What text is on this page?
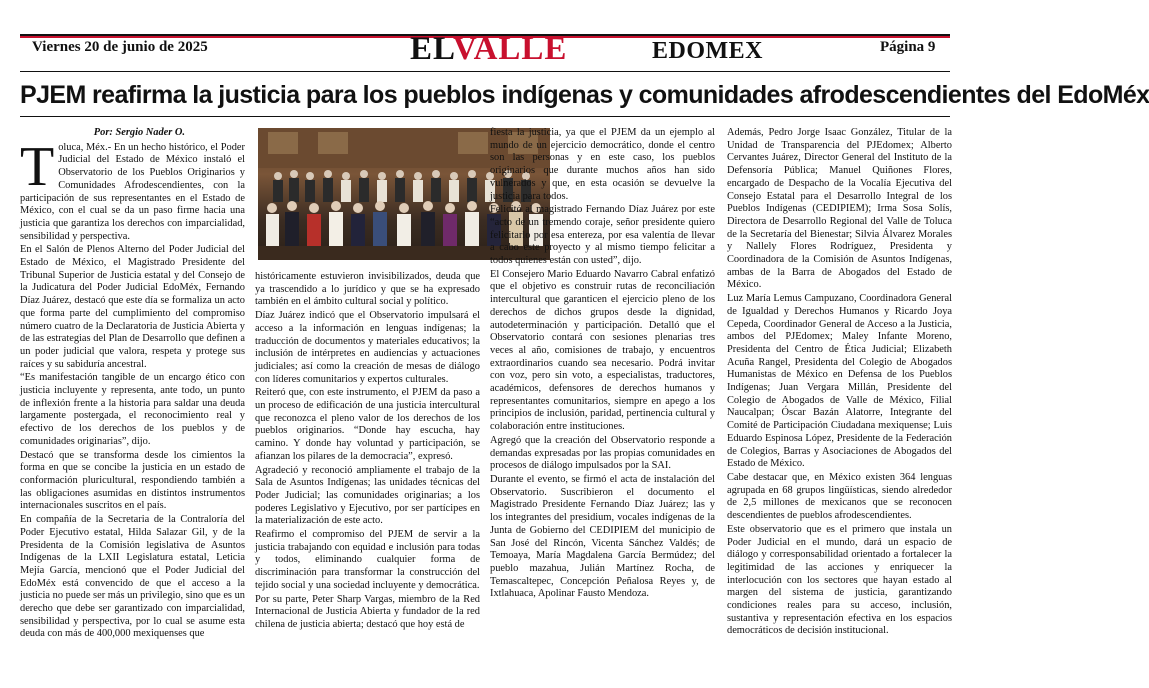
Viernes 20 de junio de 2025	ELVALLE	EDOMEX	Página 9
PJEM reafirma la justicia para los pueblos indígenas y comunidades afrodescendientes del EdoMéx
Por: Sergio Nader O.

Toluca, Méx.- En un hecho histórico, el Poder Judicial del Estado de México instaló el Observatorio de los Pueblos Originarios y Comunidades Afrodescendientes, con la participación de sus representantes en el Estado de México, con el cual se da un paso firme hacia una justicia que garantiza los derechos con imparcialidad, sensibilidad y perspectiva.

En el Salón de Plenos Alterno del Poder Judicial del Estado de México, el Magistrado Presidente del Tribunal Superior de Justicia estatal y del Consejo de la Judicatura del Poder Judicial EdoMéx, Fernando Díaz Juárez, destacó que este día se formaliza un acto que forma parte del cumplimiento del compromiso número cuatro de la Declaratoria de Justicia Abierta y de las estrategias del Plan de Desarrollo que definen a un poder judicial que valora, respeta y protege sus raíces y su sabiduría ancestral.

“Es manifestación tangible de un encargo ético con justicia incluyente y representa, ante todo, un punto de inflexión frente a la historia para saldar una deuda largamente postergada, el reconocimiento real y efectivo de los derechos de los pueblos y de comunidades originarias”, dijo.

Destacó que se transforma desde los cimientos la forma en que se concibe la justicia en un estado de conformación pluricultural, respondiendo también a las obligaciones asumidas en distintos instrumentos internacionales suscritos en el país.

En compañía de la Secretaria de la Contraloría del Poder Ejecutivo estatal, Hilda Salazar Gil, y de la Presidenta de la Comisión legislativa de Asuntos Indígenas de la LXII Legislatura estatal, Leticia Mejía García, mencionó que el Poder Judicial del EdoMéx está convencido de que el acceso a la justicia no puede ser más un privilegio, sino que es un derecho que debe ser garantizado con imparcialidad, sensibilidad y perspectiva, por lo cual se asume esta deuda con más de 400,000 mexiquenses que

históricamente estuvieron invisibilizados, deuda que ya trascendido a lo jurídico y que se ha expresado también en el ámbito cultural social y político.

Díaz Juárez indicó que el Observatorio impulsará el acceso a la información en lenguas indígenas; la traducción de documentos y materiales educativos; la inclusión de intérpretes en audiencias y actuaciones judiciales; así como la creación de mesas de diálogo con líderes comunitarios y expertos culturales.

Reiteró que, con este instrumento, el PJEM da paso a un proceso de edificación de una justicia intercultural que reconozca el pleno valor de los derechos de los pueblos originarios. “Donde hay escucha, hay camino. Y donde hay voluntad y participación, se afianzan los pilares de la democracia”, expresó.

Agradeció y reconoció ampliamente el trabajo de la Sala de Asuntos Indígenas; las unidades técnicas del Poder Judicial; las comunidades originarias; a los poderes Legislativo y Ejecutivo, por ser partícipes en la materialización de este acto.

Reafirmo el compromiso del PJEM de servir a la justicia trabajando con equidad e inclusión para todas y todos, eliminando cualquier forma de discriminación para transformar la construcción del tejido social y una sociedad incluyente y democrática.

Por su parte, Peter Sharp Vargas, miembro de la Red Internacional de Justicia Abierta y fundador de la red chilena de justicia abierta; destacó que hoy está de

fiesta la justicia, ya que el PJEM da un ejemplo al mundo de un ejercicio democrático, donde el centro son las personas y en este caso, los pueblos originarios que durante muchos años han sido vulnerados y que, en esta ocasión se devuelve la justicia para todos.

Felicitó al magistrado Fernando Díaz Juárez por este “acto de un tremendo coraje, señor presidente quiero felicitarlo por esa entereza, por esa valentía de llevar a cabo este proyecto y al mismo tiempo felicitar a todos quienes están con usted”, dijo.

El Consejero Mario Eduardo Navarro Cabral enfatizó que el objetivo es construir rutas de reconciliación intercultural que garanticen el ejercicio pleno de los derechos de dichos grupos desde la dignidad, autodeterminación y participación. Detalló que el Observatorio contará con sesiones plenarias tres veces al año, comisiones de trabajo, y encuentros extraordinarios cuando sea necesario. Podrá invitar con voz, pero sin voto, a especialistas, traductores, académicos, defensores de derechos humanos y representantes comunitarios, siempre en apego a los principios de inclusión, paridad, pertinencia cultural y colaboración entre instituciones.

Agregó que la creación del Observatorio responde a demandas expresadas por las propias comunidades en procesos de diálogo impulsados por la SAI.

Durante el evento, se firmó el acta de instalación del Observatorio. Suscribieron el documento el Magistrado Presidente Fernando Díaz Juárez; las y los integrantes del presidium, vocales indígenas de la Junta de Gobierno del CEDIPIEM del municipio de San José del Rincón, Vicenta Sánchez Valdés; de Temoaya, María Magdalena García Bermúdez; del pueblo mazahua, Julián Martínez Rocha, de Temascaltepec, Concepción Peñalosa Reyes y, de Ixtlahuaca, Apolinar Fausto Mendoza.

Además, Pedro Jorge Isaac González, Titular de la Unidad de Transparencia del PJEdomex; Alberto Cervantes Juárez, Director General del Instituto de la Defensoría Pública; Manuel Quiñones Flores, encargado de Despacho de la Vocalía Ejecutiva del Consejo Estatal para el Desarrollo Integral de los Pueblos Indígenas (CEDIPIEM); Irma Sosa Solís, Directora de Desarrollo Regional del Valle de Toluca de la Secretaría del Bienestar; Silvia Álvarez Morales y Nallely Flores Rodríguez, Presidenta y Coordinadora de la Comisión de Asuntos Indígenas, ambas de la Barra de Abogados del Estado de México.

Luz María Lemus Campuzano, Coordinadora General de Igualdad y Derechos Humanos y Ricardo Joya Cepeda, Coordinador General de Acceso a la Justicia, ambos del PJEdomex; Maley Infante Moreno, Presidenta del Centro de Ética Judicial; Elizabeth Acuña Rangel, Presidenta del Colegio de Abogados Humanistas de México en Defensa de los Pueblos Indígenas; Juan Vergara Millán, Presidente del Colegio de Abogados de Valle de México, Filial Naucalpan; Óscar Bazán Alatorre, Integrante del Comité de Participación Ciudadana mexiquense; Luis Eduardo Espinosa López, Presidente de la Federación de Colegios, Barras y Asociaciones de Abogados del Estado de México.

Cabe destacar que, en México existen 364 lenguas agrupada en 68 grupos lingüísticas, siendo alrededor de 2,5 millones de mexicanos que se reconocen descendientes de pueblos afrodescendientes.

Este observatorio que es el primero que instala un Poder Judicial en el mundo, dará un espacio de diálogo y corresponsabilidad orientado a fortalecer la legitimidad de las acciones y enriquecer la interlocución con los sectores que hayan estado al margen del sistema de justicia, garantizando condiciones reales para su acceso, inclusión, sustantiva y representación efectiva en los espacios democráticos de decisión institucional.
